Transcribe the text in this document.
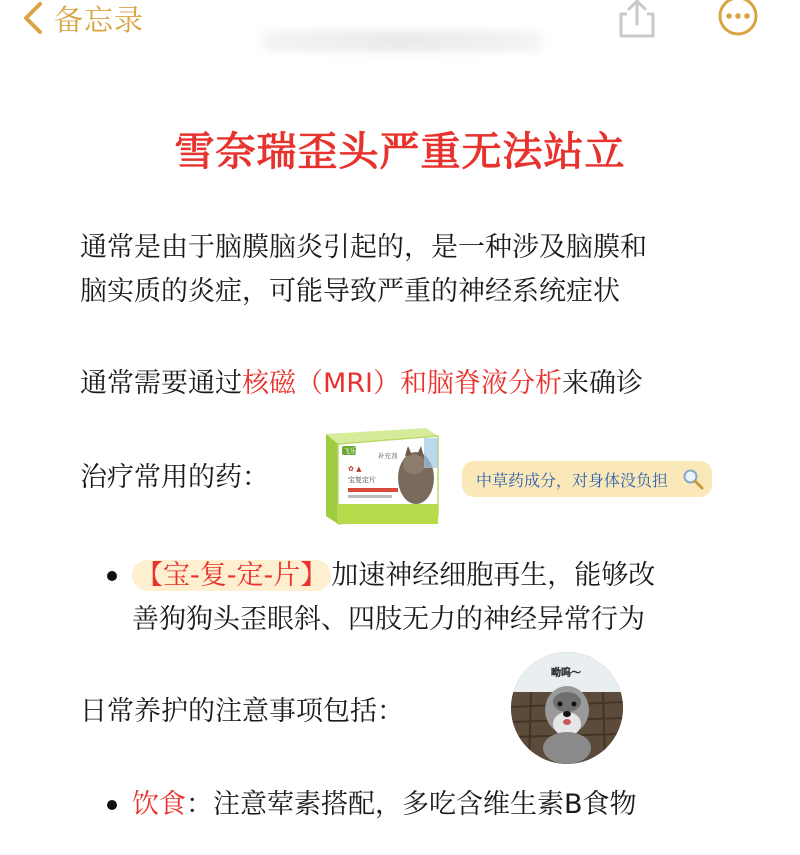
备忘录
雪奈瑞歪头严重无法站立
通常是由于脑膜脑炎引起的，是一种涉及脑膜和
脑实质的炎症，可能导致严重的神经系统症状
通常需要通过核磁（MRI）和脑脊液分析来确诊
治疗常用的药：
飞乐
✿ ▲
补充剂
宝复定片	中草药成分，对身体没负担
【宝-复-定-片】 加速神经细胞再生，能够改
善狗狗头歪眼斜、四肢无力的神经异常行为
日常养护的注意事项包括：
呦呜～
饮食：注意荤素搭配，多吃含维生素B食物
